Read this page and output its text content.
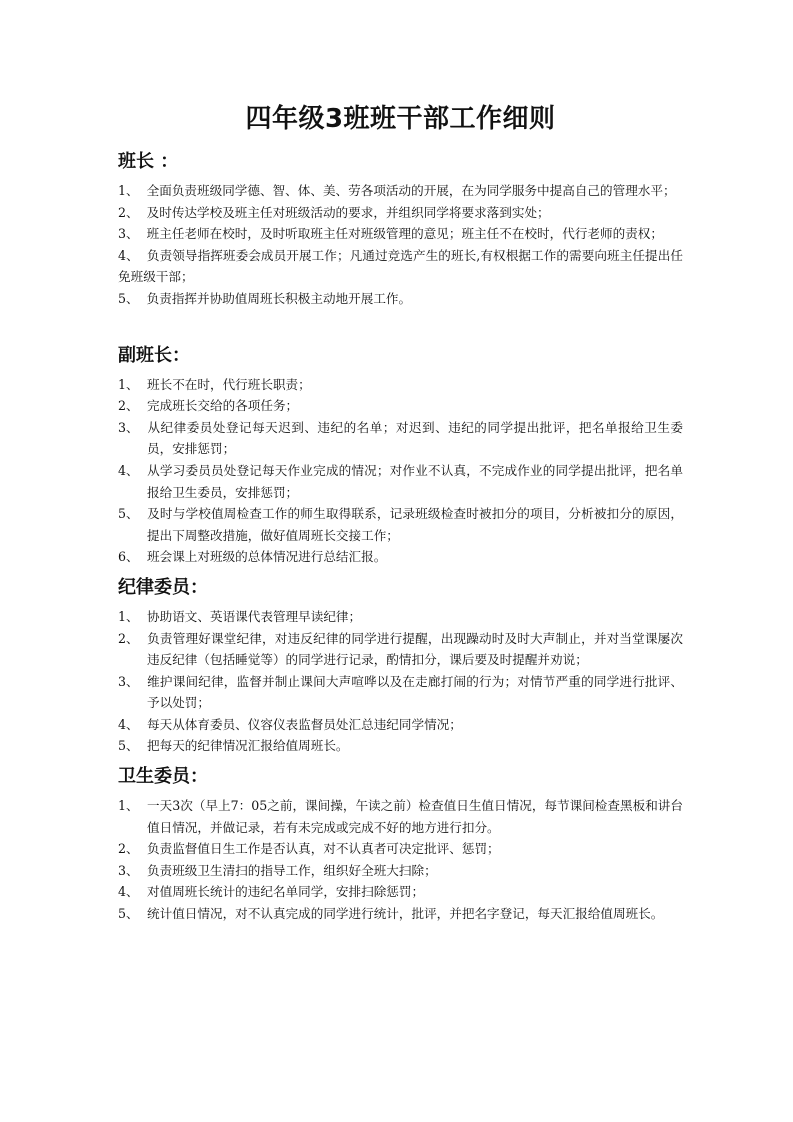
四年级3班班干部工作细则
班长 ：
1、  全面负责班级同学德、智、体、美、劳各项活动的开展，在为同学服务中提高自己的管理水平；
2、  及时传达学校及班主任对班级活动的要求，并组织同学将要求落到实处；
3、  班主任老师在校时，及时听取班主任对班级管理的意见；班主任不在校时，代行老师的责权；
4、  负责领导指挥班委会成员开展工作；凡通过竞选产生的班长,有权根据工作的需要向班主任提出任免班级干部；
5、  负责指挥并协助值周班长积极主动地开展工作。
副班长：
1、 班长不在时，代行班长职责；
2、 完成班长交给的各项任务；
3、 从纪律委员处登记每天迟到、违纪的名单；对迟到、违纪的同学提出批评，把名单报给卫生委员，安排惩罚；
4、 从学习委员员处登记每天作业完成的情况；对作业不认真，不完成作业的同学提出批评，把名单报给卫生委员，安排惩罚；
5、 及时与学校值周检查工作的师生取得联系，记录班级检查时被扣分的项目，分析被扣分的原因，提出下周整改措施，做好值周班长交接工作；
6、 班会课上对班级的总体情况进行总结汇报。
纪律委员：
1、 协助语文、英语课代表管理早读纪律；
2、 负责管理好课堂纪律，对违反纪律的同学进行提醒，出现躁动时及时大声制止，并对当堂课屡次违反纪律（包括睡觉等）的同学进行记录，酌情扣分，课后要及时提醒并劝说；
3、 维护课间纪律，监督并制止课间大声喧哗以及在走廊打闹的行为；对情节严重的同学进行批评、予以处罚；
4、 每天从体育委员、仪容仪表监督员处汇总违纪同学情况；
5、 把每天的纪律情况汇报给值周班长。
卫生委员：
1、 一天3次（早上7：05之前，课间操，午读之前）检查值日生值日情况，每节课间检查黑板和讲台值日情况，并做记录，若有未完成或完成不好的地方进行扣分。
2、 负责监督值日生工作是否认真，对不认真者可决定批评、惩罚；
3、 负责班级卫生清扫的指导工作，组织好全班大扫除；
4、 对值周班长统计的违纪名单同学，安排扫除惩罚；
5、 统计值日情况，对不认真完成的同学进行统计，批评，并把名字登记，每天汇报给值周班长。
